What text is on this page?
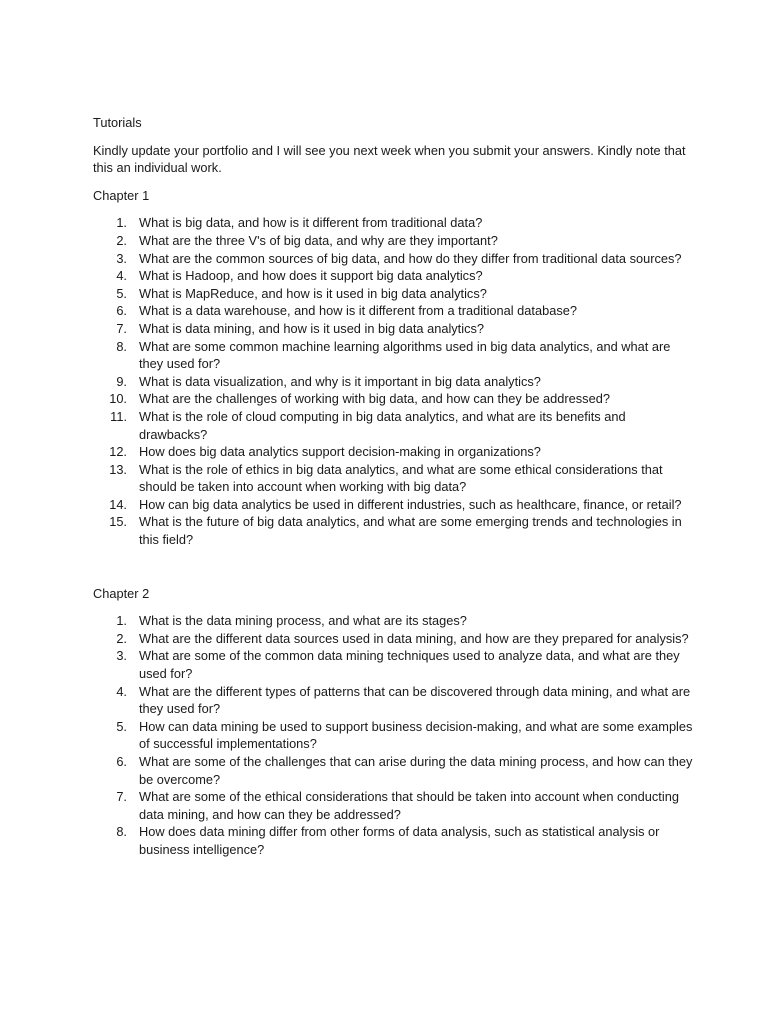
Tutorials

Kindly update your portfolio and I will see you next week when you submit your answers. Kindly note that this an individual work.

Chapter 1

1. What is big data, and how is it different from traditional data?
2. What are the three V's of big data, and why are they important?
3. What are the common sources of big data, and how do they differ from traditional data sources?
4. What is Hadoop, and how does it support big data analytics?
5. What is MapReduce, and how is it used in big data analytics?
6. What is a data warehouse, and how is it different from a traditional database?
7. What is data mining, and how is it used in big data analytics?
8. What are some common machine learning algorithms used in big data analytics, and what are they used for?
9. What is data visualization, and why is it important in big data analytics?
10. What are the challenges of working with big data, and how can they be addressed?
11. What is the role of cloud computing in big data analytics, and what are its benefits and drawbacks?
12. How does big data analytics support decision-making in organizations?
13. What is the role of ethics in big data analytics, and what are some ethical considerations that should be taken into account when working with big data?
14. How can big data analytics be used in different industries, such as healthcare, finance, or retail?
15. What is the future of big data analytics, and what are some emerging trends and technologies in this field?

Chapter 2

1. What is the data mining process, and what are its stages?
2. What are the different data sources used in data mining, and how are they prepared for analysis?
3. What are some of the common data mining techniques used to analyze data, and what are they used for?
4. What are the different types of patterns that can be discovered through data mining, and what are they used for?
5. How can data mining be used to support business decision-making, and what are some examples of successful implementations?
6. What are some of the challenges that can arise during the data mining process, and how can they be overcome?
7. What are some of the ethical considerations that should be taken into account when conducting data mining, and how can they be addressed?
8. How does data mining differ from other forms of data analysis, such as statistical analysis or business intelligence?
